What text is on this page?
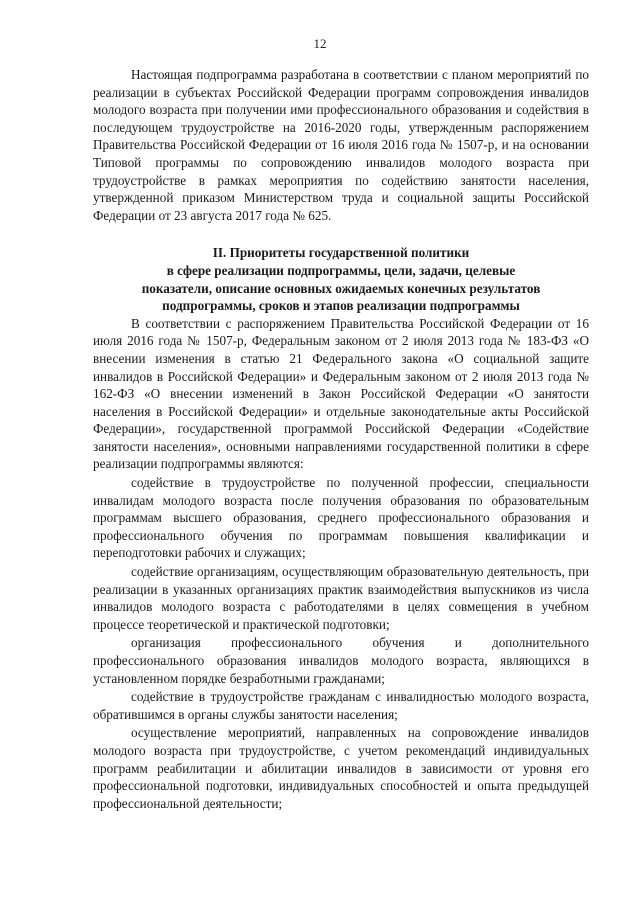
12

Настоящая подпрограмма разработана в соответствии с планом мероприятий по реализации в субъектах Российской Федерации программ сопровождения инвалидов молодого возраста при получении ими профессионального образования и содействия в последующем трудоустройстве на 2016-2020 годы, утвержденным распоряжением Правительства Российской Федерации от 16 июля 2016 года № 1507-р, и на основании Типовой программы по сопровождению инвалидов молодого возраста при трудоустройстве в рамках мероприятия по содействию занятости населения, утвержденной приказом Министерством труда и социальной защиты Российской Федерации от 23 августа 2017 года № 625.

II. Приоритеты государственной политики
в сфере реализации подпрограммы, цели, задачи, целевые
показатели, описание основных ожидаемых конечных результатов
подпрограммы, сроков и этапов реализации подпрограммы

В соответствии с распоряжением Правительства Российской Федерации от 16 июля 2016 года № 1507-р, Федеральным законом от 2 июля 2013 года № 183-ФЗ «О внесении изменения в статью 21 Федерального закона «О социальной защите инвалидов в Российской Федерации» и Федеральным законом от 2 июля 2013 года № 162-ФЗ «О внесении изменений в Закон Российской Федерации «О занятости населения в Российской Федерации» и отдельные законодательные акты Российской Федерации», государственной программой Российской Федерации «Содействие занятости населения», основными направлениями государственной политики в сфере реализации подпрограммы являются:

содействие в трудоустройстве по полученной профессии, специальности инвалидам молодого возраста после получения образования по образовательным программам высшего образования, среднего профессионального образования и профессионального обучения по программам повышения квалификации и переподготовки рабочих и служащих;

содействие организациям, осуществляющим образовательную деятельность, при реализации в указанных организациях практик взаимодействия выпускников из числа инвалидов молодого возраста с работодателями в целях совмещения в учебном процессе теоретической и практической подготовки;

организация профессионального обучения и дополнительного профессионального образования инвалидов молодого возраста, являющихся в установленном порядке безработными гражданами;

содействие в трудоустройстве гражданам с инвалидностью молодого возраста, обратившимся в органы службы занятости населения;

осуществление мероприятий, направленных на сопровождение инвалидов молодого возраста при трудоустройстве, с учетом рекомендаций индивидуальных программ реабилитации и абилитации инвалидов в зависимости от уровня его профессиональной подготовки, индивидуальных способностей и опыта предыдущей профессиональной деятельности;
